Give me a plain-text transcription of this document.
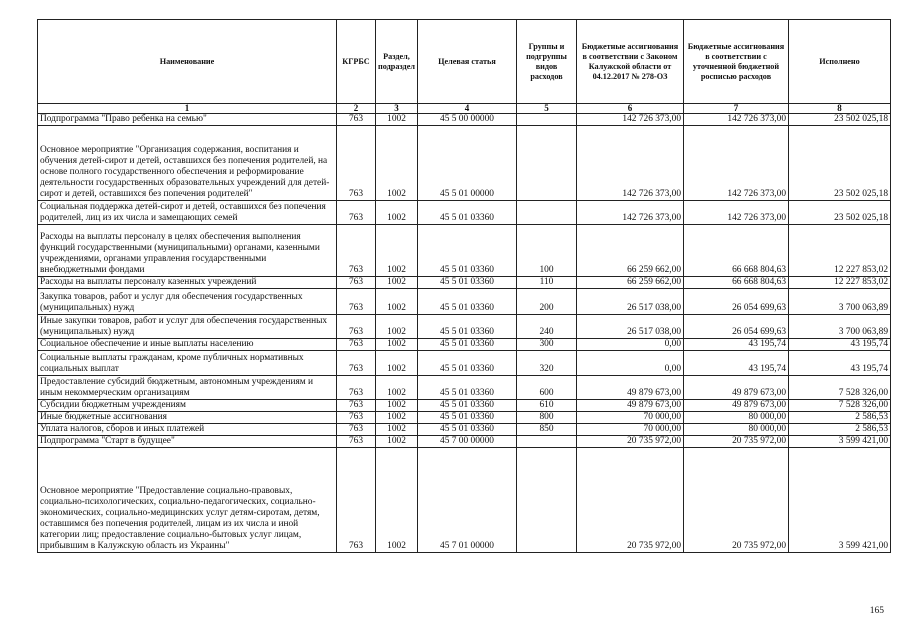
Наименование	КГРБС	Раздел, подраздел	Целевая статья	Группы и подгруппы видов расходов	Бюджетные ассигнования в соответствии с Законом Калужской области от 04.12.2017 № 278-ОЗ	Бюджетные ассигнования в соответствии с уточненной бюджетной росписью расходов	Исполнено
1	2	3	4	5	6	7	8
Подпрограмма "Право ребенка на семью"	763	1002	45 5 00 00000		142 726 373,00	142 726 373,00	23 502 025,18
Основное мероприятие "Организация содержания, воспитания и обучения детей-сирот и детей, оставшихся без попечения родителей, на основе полного государственного обеспечения и реформирование деятельности государственных образовательных учреждений для детей-сирот и детей, оставшихся без попечения родителей"	763	1002	45 5 01 00000		142 726 373,00	142 726 373,00	23 502 025,18
Социальная поддержка детей-сирот и детей, оставшихся без попечения родителей, лиц из их числа и замещающих семей	763	1002	45 5 01 03360		142 726 373,00	142 726 373,00	23 502 025,18
Расходы на выплаты персоналу в целях обеспечения выполнения функций государственными (муниципальными) органами, казенными учреждениями, органами управления государственными внебюджетными фондами	763	1002	45 5 01 03360	100	66 259 662,00	66 668 804,63	12 227 853,02
Расходы на выплаты персоналу казенных учреждений	763	1002	45 5 01 03360	110	66 259 662,00	66 668 804,63	12 227 853,02
Закупка товаров, работ и услуг для обеспечения государственных (муниципальных) нужд	763	1002	45 5 01 03360	200	26 517 038,00	26 054 699,63	3 700 063,89
Иные закупки товаров, работ и услуг для обеспечения государственных (муниципальных) нужд	763	1002	45 5 01 03360	240	26 517 038,00	26 054 699,63	3 700 063,89
Социальное обеспечение и иные выплаты населению	763	1002	45 5 01 03360	300	0,00	43 195,74	43 195,74
Социальные выплаты гражданам, кроме публичных нормативных социальных выплат	763	1002	45 5 01 03360	320	0,00	43 195,74	43 195,74
Предоставление субсидий бюджетным, автономным учреждениям и иным некоммерческим организациям	763	1002	45 5 01 03360	600	49 879 673,00	49 879 673,00	7 528 326,00
Субсидии бюджетным учреждениям	763	1002	45 5 01 03360	610	49 879 673,00	49 879 673,00	7 528 326,00
Иные бюджетные ассигнования	763	1002	45 5 01 03360	800	70 000,00	80 000,00	2 586,53
Уплата налогов, сборов и иных платежей	763	1002	45 5 01 03360	850	70 000,00	80 000,00	2 586,53
Подпрограмма "Старт в будущее"	763	1002	45 7 00 00000		20 735 972,00	20 735 972,00	3 599 421,00
Основное мероприятие "Предоставление социально-правовых, социально-психологических, социально-педагогических, социально-экономических, социально-медицинских услуг детям-сиротам, детям, оставшимся без попечения родителей, лицам из их числа и иной категории лиц; предоставление социально-бытовых услуг лицам, прибывшим в Калужскую область из Украины"	763	1002	45 7 01 00000		20 735 972,00	20 735 972,00	3 599 421,00
165
